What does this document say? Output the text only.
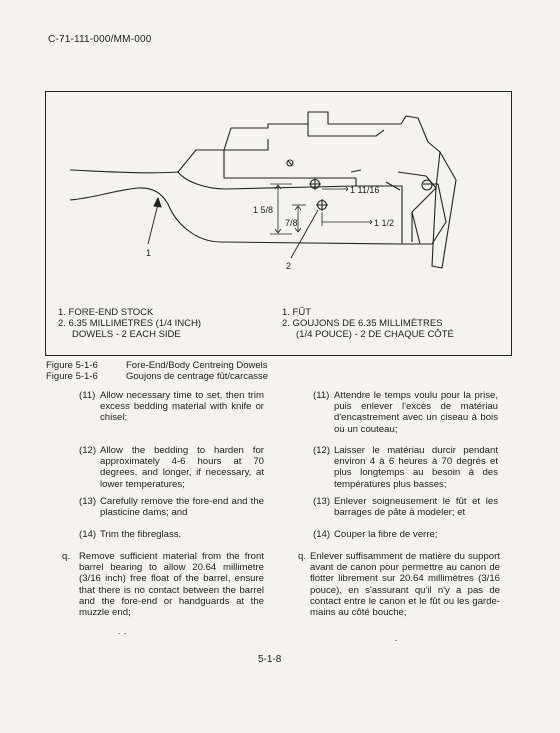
C-71-111-000/MM-000
1 5/8
7/8
1 11/16
1 1/2
1
2
1. FORE-END STOCK
2. 6.35 MILLIMETRES (1/4 INCH)
DOWELS - 2 EACH SIDE
1. FÛT
2. GOUJONS DE 6.35 MILLIMÈTRES
(1/4 POUCE) - 2 DE CHAQUE CÔTÉ
Figure 5-1-6	Fore-End/Body Centreing Dowels
Figure 5-1-6	Goujons de centrage fût/carcasse
(11) Allow necessary time to set, then trim excess bedding material with knife or chisel;
(11) Attendre le temps voulu pour la prise, puis enlever l'excès de matériau d'encastrement avec un ciseau à bois ou un couteau;
(12) Allow the bedding to harden for approximately 4-6 hours at 70 degrees, and longer, if necessary, at lower temperatures;
(12) Laisser le matériau durcir pendant environ 4 à 6 heures à 70 degrés et plus longtemps au besoin à des températures plus basses;
(13) Carefully remove the fore-end and the plasticine dams; and
(13) Enlever soigneusement le fût et les barrages de pâte à modeler; et
(14) Trim the fibreglass.	(14) Couper la fibre de verre;
q. Remove sufficient material from the front barrel bearing to allow 20.64 millimetre (3/16 inch) free float of the barrel, ensure that there is no contact between the barrel and the fore-end or handguards at the muzzle end;
q. Enlever suffisamment de matière du support avant de canon pour permettre au canon de flotter librement sur 20.64 millimètres (3/16 pouce), en s'assurant qu'il n'y a pas de contact entre le canon et le fût ou les garde-mains au côté bouche;
5-1-8
